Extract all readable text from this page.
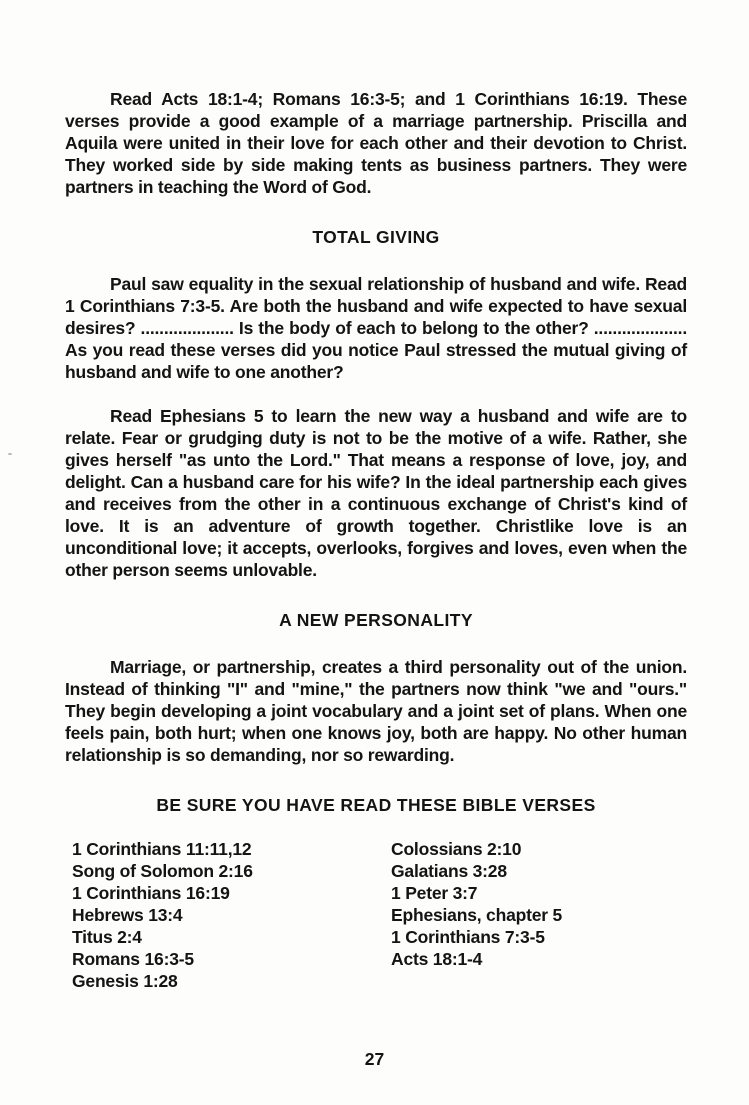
Read Acts 18:1-4; Romans 16:3-5; and 1 Corinthians 16:19. These verses provide a good example of a marriage partnership. Priscilla and Aquila were united in their love for each other and their devotion to Christ. They worked side by side making tents as business partners. They were partners in teaching the Word of God.

TOTAL GIVING

Paul saw equality in the sexual relationship of husband and wife. Read 1 Corinthians 7:3-5. Are both the husband and wife expected to have sexual desires? .................... Is the body of each to belong to the other? .................... As you read these verses did you notice Paul stressed the mutual giving of husband and wife to one another?

Read Ephesians 5 to learn the new way a husband and wife are to relate. Fear or grudging duty is not to be the motive of a wife. Rather, she gives herself "as unto the Lord." That means a response of love, joy, and delight. Can a husband care for his wife? In the ideal partnership each gives and receives from the other in a continuous exchange of Christ's kind of love. It is an adventure of growth together. Christlike love is an unconditional love; it accepts, overlooks, forgives and loves, even when the other person seems unlovable.

A NEW PERSONALITY

Marriage, or partnership, creates a third personality out of the union. Instead of thinking "I" and "mine," the partners now think "we and "ours." They begin developing a joint vocabulary and a joint set of plans. When one feels pain, both hurt; when one knows joy, both are happy. No other human relationship is so demanding, nor so rewarding.

BE SURE YOU HAVE READ THESE BIBLE VERSES
1 Corinthians 11:11,12
Song of Solomon 2:16
1 Corinthians 16:19
Hebrews 13:4
Titus 2:4
Romans 16:3-5
Genesis 1:28
Colossians 2:10
Galatians 3:28
1 Peter 3:7
Ephesians, chapter 5
1 Corinthians 7:3-5
Acts 18:1-4
27
